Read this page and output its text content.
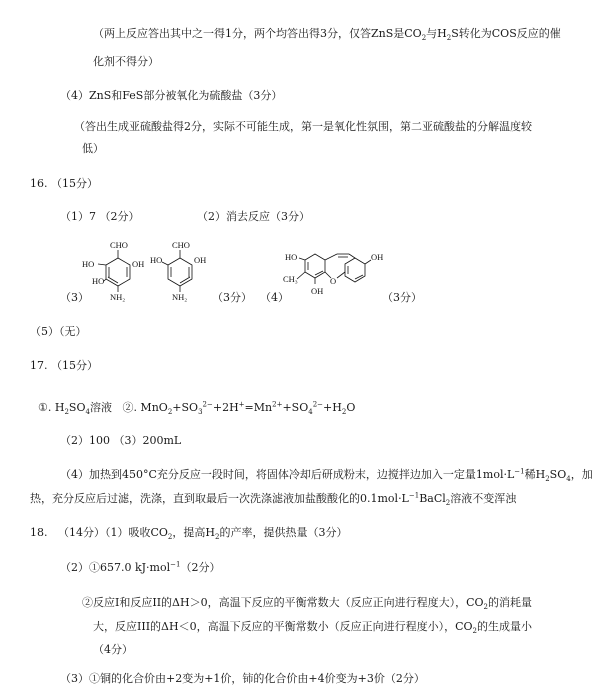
（两上反应答出其中之一得1分，两个均答出得3分，仅答ZnS是$CO_2$与$H_2S$转化为COS反应的催
化剂不得分）
（4）ZnS和FeS部分被氧化为硫酸盐（3分）
（答出生成亚硫酸盐得2分，实际不可能生成，第一是氧化性氛围，第二亚硫酸盐的分解温度较
低）
16. （15分）
（1）7 （2分）	（2）消去反应（3分）
CHO
HO	OH
HO
NH₂
CHO
HO	OH
NH₂
（3）	（3分） （4）
HO
CH₃
OH
O
OH
（3分）
（5）（无）
17. （15分）
①. $H_2SO_4$溶液   ②. $MnO_2+SO_3^{2-}+2H^+=Mn^{2+}+SO_4^{2-}+H_2O$
（2）100 （3）200mL
（4）加热到450°C充分反应一段时间，将固体冷却后研成粉末，边搅拌边加入一定量$1mol\cdot L^{-1}$稀$H_2SO_4$，加
热，充分反应后过滤，洗涤，直到取最后一次洗涤滤液加盐酸酸化的$0.1mol\cdot L^{-1}BaCl_2$溶液不变浑浊
18.   （14分）（1）吸收$CO_2$，提高$H_2$的产率，提供热量（3分）
（2）①657.0 kJ·mol$^{-1}$（2分）
②反应I和反应II的ΔH＞0，高温下反应的平衡常数大（反应正向进行程度大），$CO_2$的消耗量
大，反应III的ΔH＜0，高温下反应的平衡常数小（反应正向进行程度小），$CO_2$的生成量小
（4分）
（3）①铜的化合价由+2变为+1价，铈的化合价由+4价变为+3价（2分）
